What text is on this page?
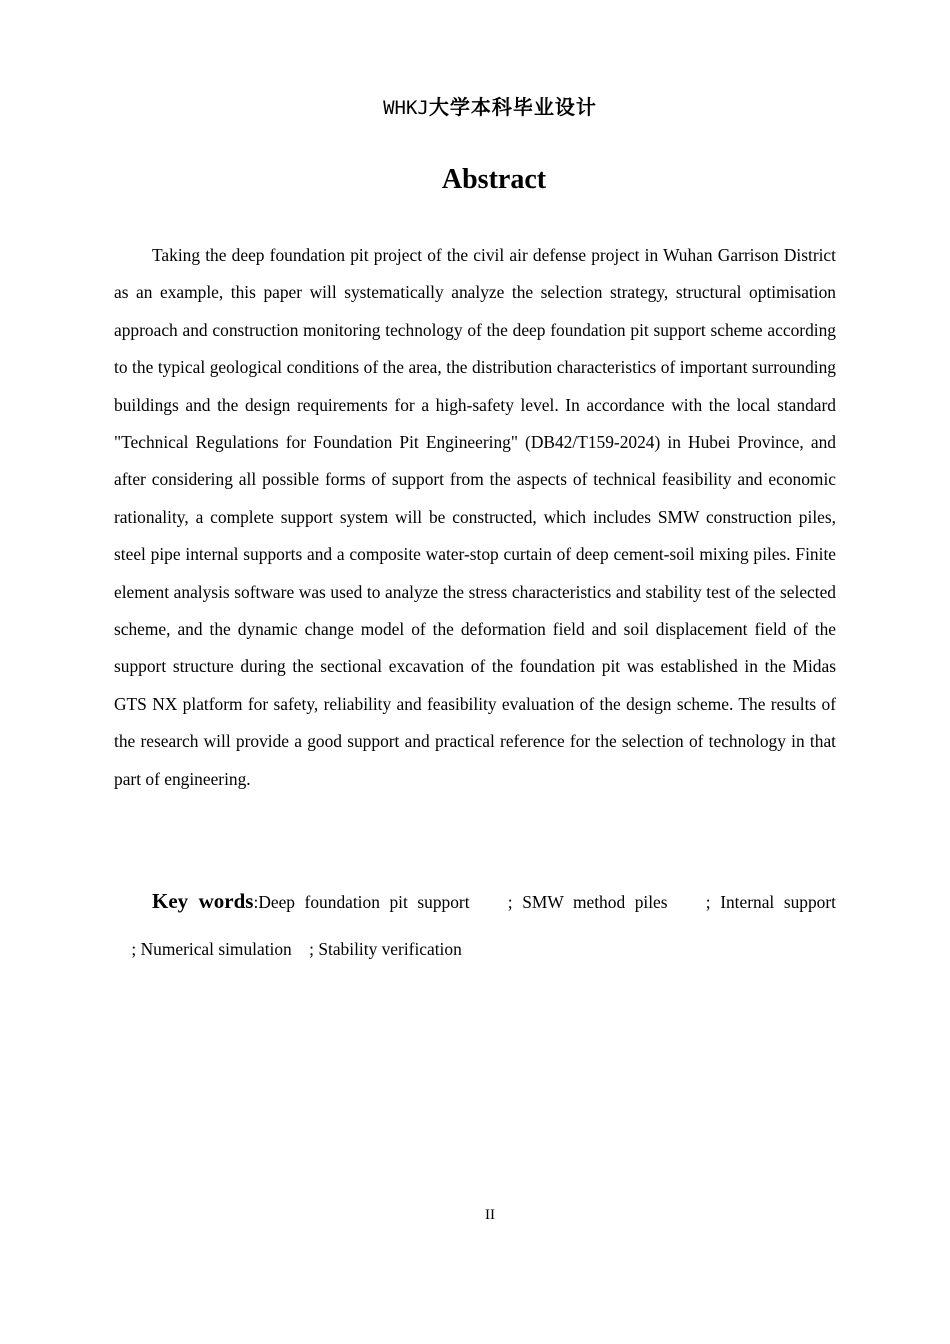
WHKJ大学本科毕业设计
Abstract

Taking the deep foundation pit project of the civil air defense project in Wuhan Garrison District as an example, this paper will systematically analyze the selection strategy, structural optimisation approach and construction monitoring technology of the deep foundation pit support scheme according to the typical geological conditions of the area, the distribution characteristics of important surrounding buildings and the design requirements for a high-safety level. In accordance with the local standard "Technical Regulations for Foundation Pit Engineering" (DB42/T159-2024) in Hubei Province, and after considering all possible forms of support from the aspects of technical feasibility and economic rationality, a complete support system will be constructed, which includes SMW construction piles, steel pipe internal supports and a composite water-stop curtain of deep cement-soil mixing piles. Finite element analysis software was used to analyze the stress characteristics and stability test of the selected scheme, and the dynamic change model of the deformation field and soil displacement field of the support structure during the sectional excavation of the foundation pit was established in the Midas GTS NX platform for safety, reliability and feasibility evaluation of the design scheme. The results of the research will provide a good support and practical reference for the selection of technology in that part of engineering.

Key words:Deep foundation pit support    ; SMW method piles    ; Internal support    ; Numerical simulation    ; Stability verification

II
